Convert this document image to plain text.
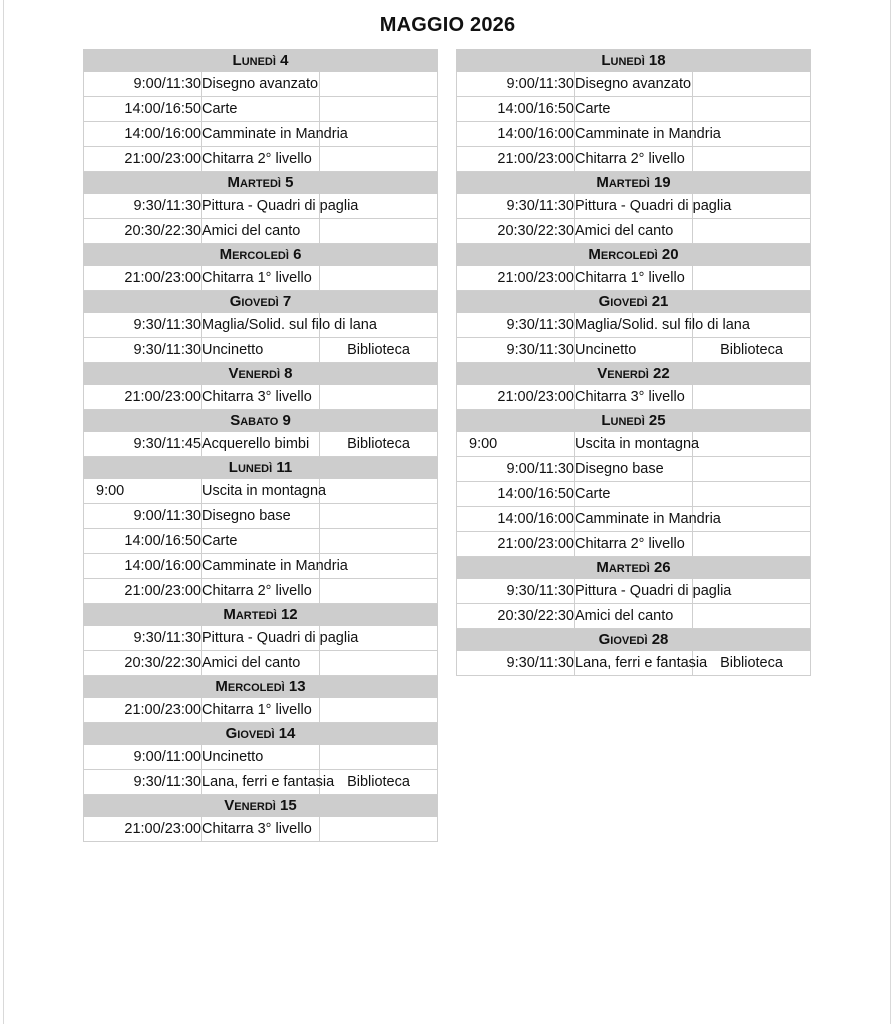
MAGGIO 2026
Lunedì 4		
9:00/11:30	Disegno avanzato	
14:00/16:50	Carte	
14:00/16:00	Camminate in Mandria	
21:00/23:00	Chitarra 2° livello	
Martedì 5		
9:30/11:30	Pittura - Quadri di paglia	
20:30/22:30	Amici del canto	
Mercoledì 6		
21:00/23:00	Chitarra 1° livello	
Giovedì 7		
9:30/11:30	Maglia/Solid. sul filo di lana	
9:30/11:30	Uncinetto	Biblioteca
Venerdì 8		
21:00/23:00	Chitarra 3° livello	
Sabato 9		
9:30/11:45	Acquerello bimbi	Biblioteca
Lunedì 11		
9:00	Uscita in montagna	
9:00/11:30	Disegno base	
14:00/16:50	Carte	
14:00/16:00	Camminate in Mandria	
21:00/23:00	Chitarra 2° livello	
Martedì 12		
9:30/11:30	Pittura - Quadri di paglia	
20:30/22:30	Amici del canto	
Mercoledì 13		
21:00/23:00	Chitarra 1° livello	
Giovedì 14		
9:00/11:00	Uncinetto	
9:30/11:30	Lana, ferri e fantasia	Biblioteca
Venerdì 15		
21:00/23:00	Chitarra 3° livello	
Lunedì 18		
9:00/11:30	Disegno avanzato	
14:00/16:50	Carte	
14:00/16:00	Camminate in Mandria	
21:00/23:00	Chitarra 2° livello	
Martedì 19		
9:30/11:30	Pittura - Quadri di paglia	
20:30/22:30	Amici del canto	
Mercoledì 20		
21:00/23:00	Chitarra 1° livello	
Giovedì 21		
9:30/11:30	Maglia/Solid. sul filo di lana	
9:30/11:30	Uncinetto	Biblioteca
Venerdì 22		
21:00/23:00	Chitarra 3° livello	
Lunedì 25		
9:00	Uscita in montagna	
9:00/11:30	Disegno base	
14:00/16:50	Carte	
14:00/16:00	Camminate in Mandria	
21:00/23:00	Chitarra 2° livello	
Martedì 26		
9:30/11:30	Pittura - Quadri di paglia	
20:30/22:30	Amici del canto	
Giovedì 28		
9:30/11:30	Lana, ferri e fantasia	Biblioteca
